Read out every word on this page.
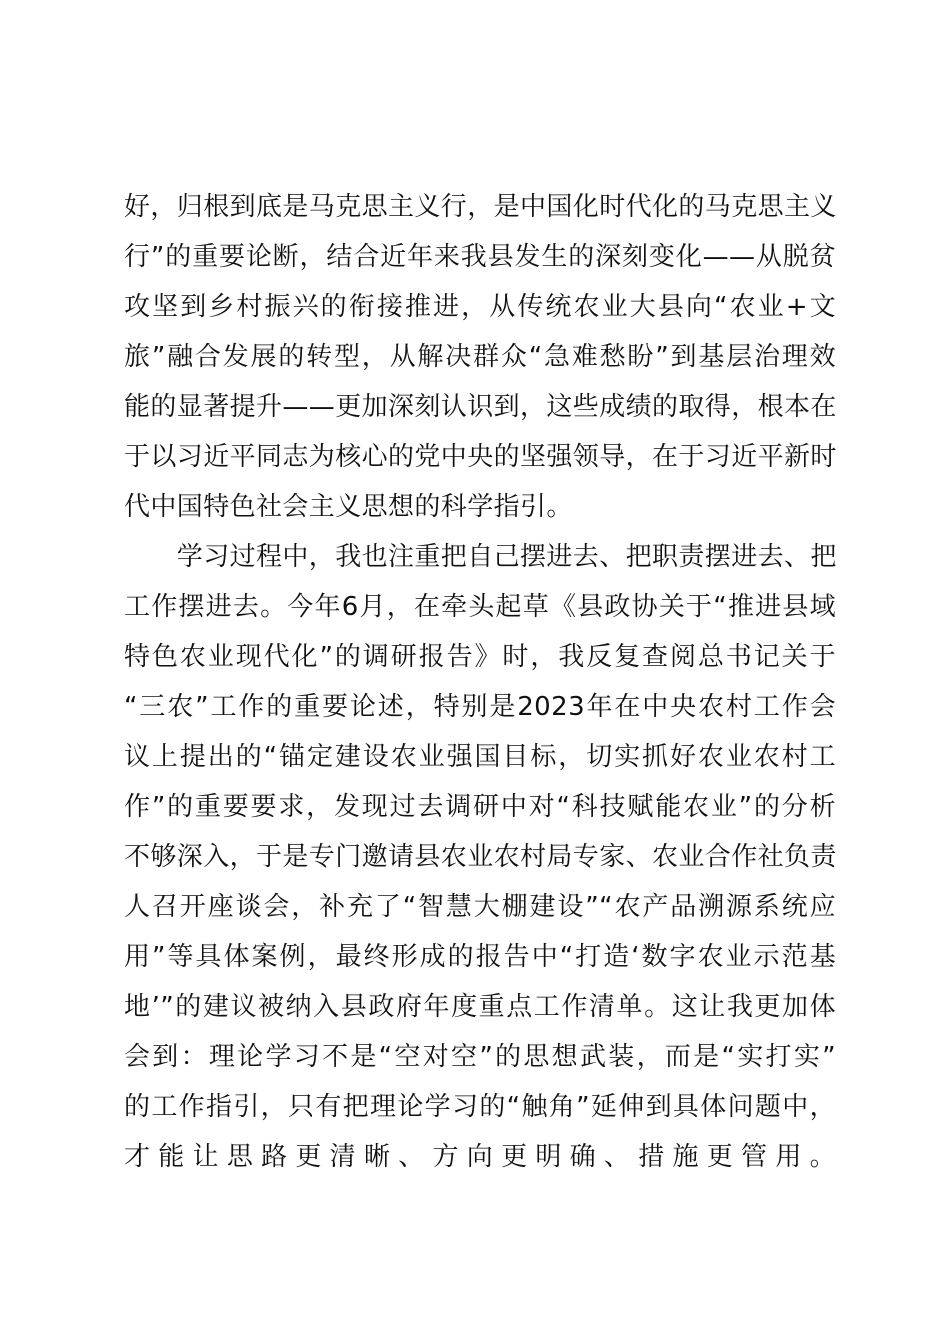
好，归根到底是马克思主义行，是中国化时代化的马克思主义
行”的重要论断，结合近年来我县发生的深刻变化——从脱贫
攻坚到乡村振兴的衔接推进，从传统农业大县向“农业+文
旅”融合发展的转型，从解决群众“急难愁盼”到基层治理效
能的显著提升——更加深刻认识到，这些成绩的取得，根本在
于以习近平同志为核心的党中央的坚强领导，在于习近平新时
代中国特色社会主义思想的科学指引。
　　学习过程中，我也注重把自己摆进去、把职责摆进去、把
工作摆进去。今年6月，在牵头起草《县政协关于“推进县域
特色农业现代化”的调研报告》时，我反复查阅总书记关于
“三农”工作的重要论述，特别是2023年在中央农村工作会
议上提出的“锚定建设农业强国目标，切实抓好农业农村工
作”的重要要求，发现过去调研中对“科技赋能农业”的分析
不够深入，于是专门邀请县农业农村局专家、农业合作社负责
人召开座谈会，补充了“智慧大棚建设”“农产品溯源系统应
用”等具体案例，最终形成的报告中“打造‘数字农业示范基
地’”的建议被纳入县政府年度重点工作清单。这让我更加体
会到：理论学习不是“空对空”的思想武装，而是“实打实”
的工作指引，只有把理论学习的“触角”延伸到具体问题中，
才能让思路更清晰、方向更明确、措施更管用。
